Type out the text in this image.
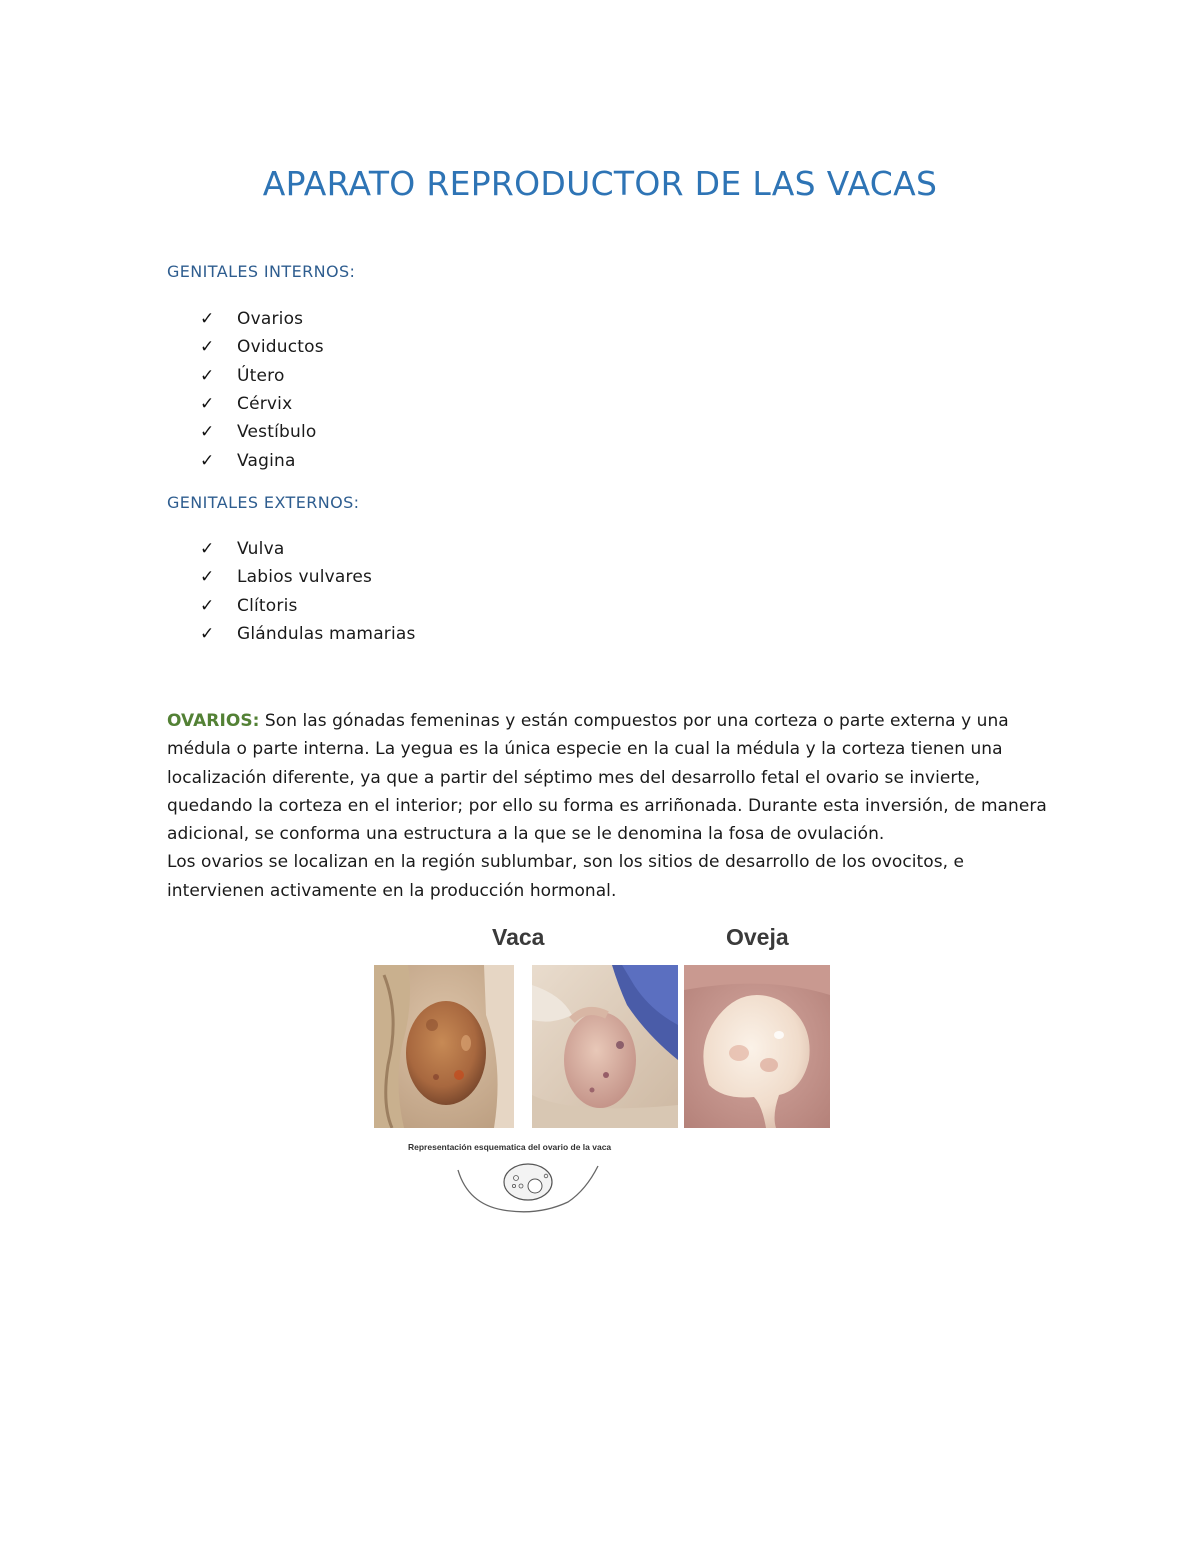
APARATO REPRODUCTOR DE LAS VACAS
GENITALES INTERNOS:
✓	Ovarios
✓	Oviductos
✓	Útero
✓	Cérvix
✓	Vestíbulo
✓	Vagina
GENITALES EXTERNOS:
✓	Vulva
✓	Labios vulvares
✓	Clítoris
✓	Glándulas mamarias

OVARIOS: Son las gónadas femeninas y están compuestos por una corteza o parte externa y una médula o parte interna. La yegua es la única especie en la cual la médula y la corteza tienen una localización diferente, ya que a partir del séptimo mes del desarrollo fetal el ovario se invierte, quedando la corteza en el interior; por ello su forma es arriñonada. Durante esta inversión, de manera adicional, se conforma una estructura a la que se le denomina la fosa de ovulación.
Los ovarios se localizan en la región sublumbar, son los sitios de desarrollo de los ovocitos, e intervienen activamente en la producción hormonal.

Vaca	Oveja
Representación esquematica del ovario de la vaca
